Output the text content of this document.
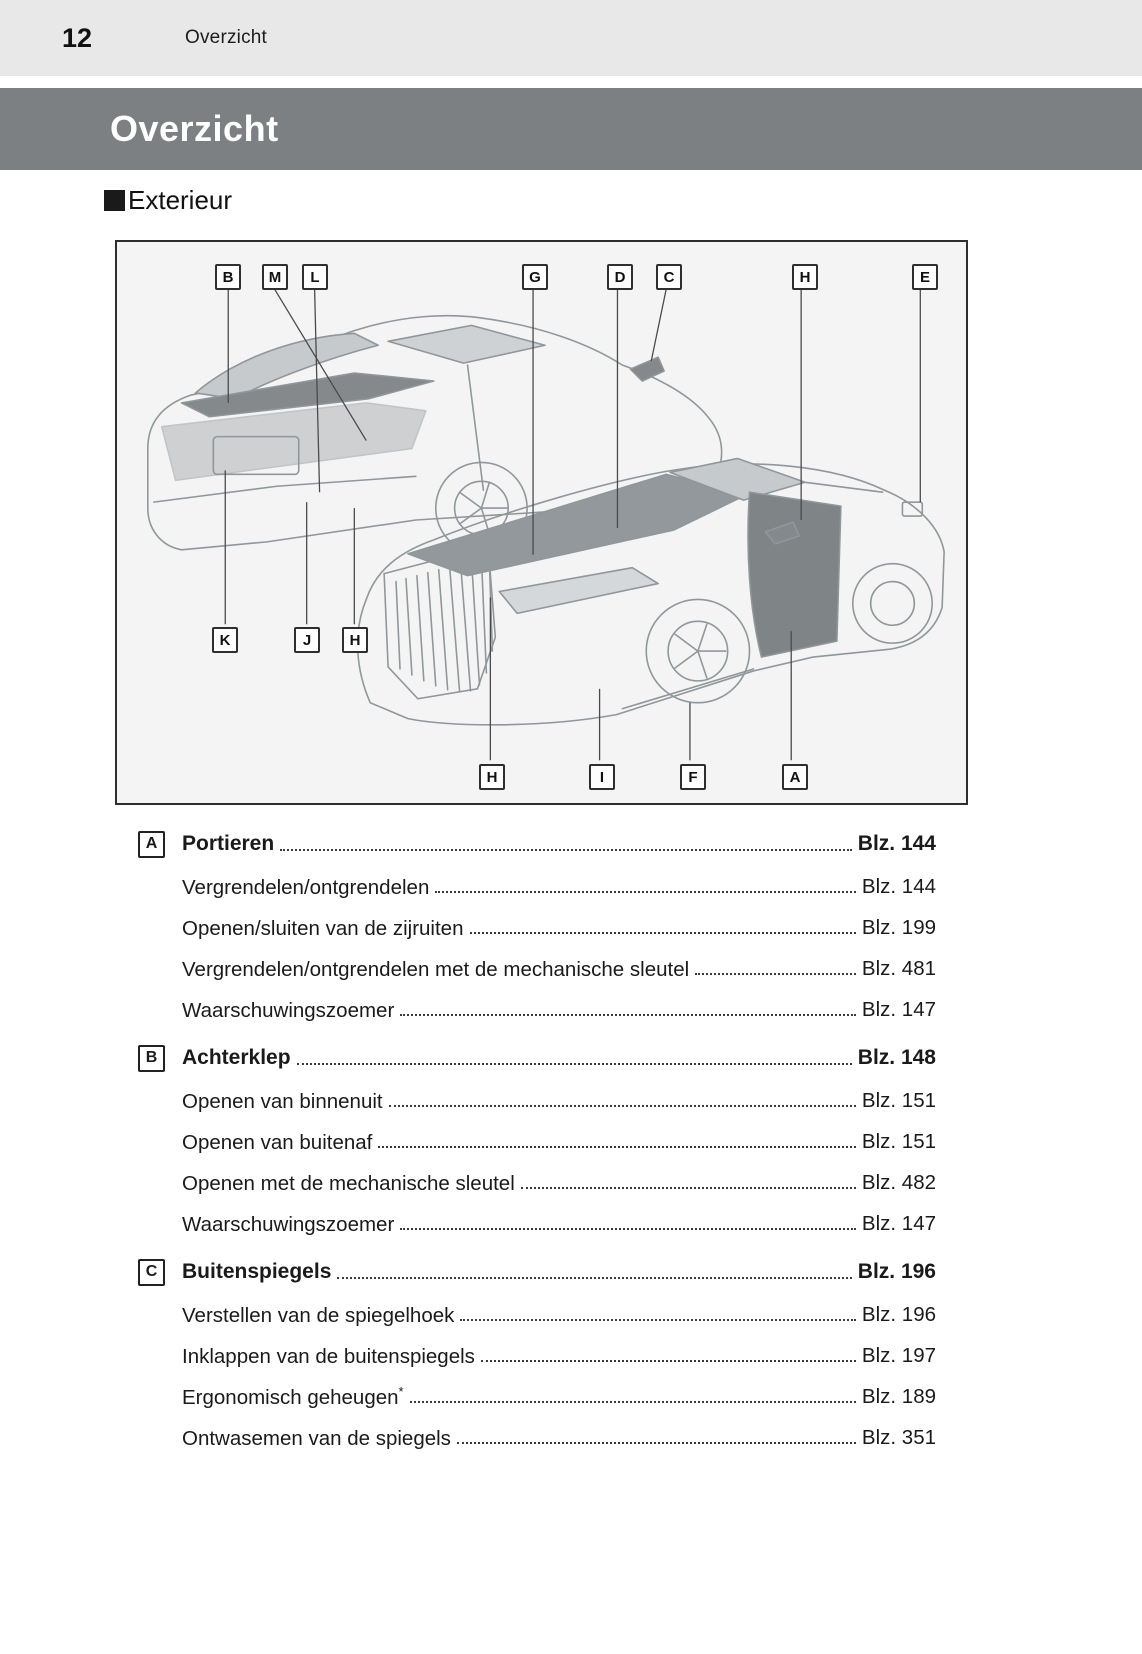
12	Overzicht
Overzicht
Exterieur
B	M	L	G	D	C	H	E
K	J	H
H	I	F	A
A	Portieren	Blz. 144
Vergrendelen/ontgrendelen	Blz. 144
Openen/sluiten van de zijruiten	Blz. 199
Vergrendelen/ontgrendelen met de mechanische sleutel	Blz. 481
Waarschuwingszoemer	Blz. 147
B	Achterklep	Blz. 148
Openen van binnenuit	Blz. 151
Openen van buitenaf	Blz. 151
Openen met de mechanische sleutel	Blz. 482
Waarschuwingszoemer	Blz. 147
C	Buitenspiegels	Blz. 196
Verstellen van de spiegelhoek	Blz. 196
Inklappen van de buitenspiegels	Blz. 197
Ergonomisch geheugen*	Blz. 189
Ontwasemen van de spiegels	Blz. 351
